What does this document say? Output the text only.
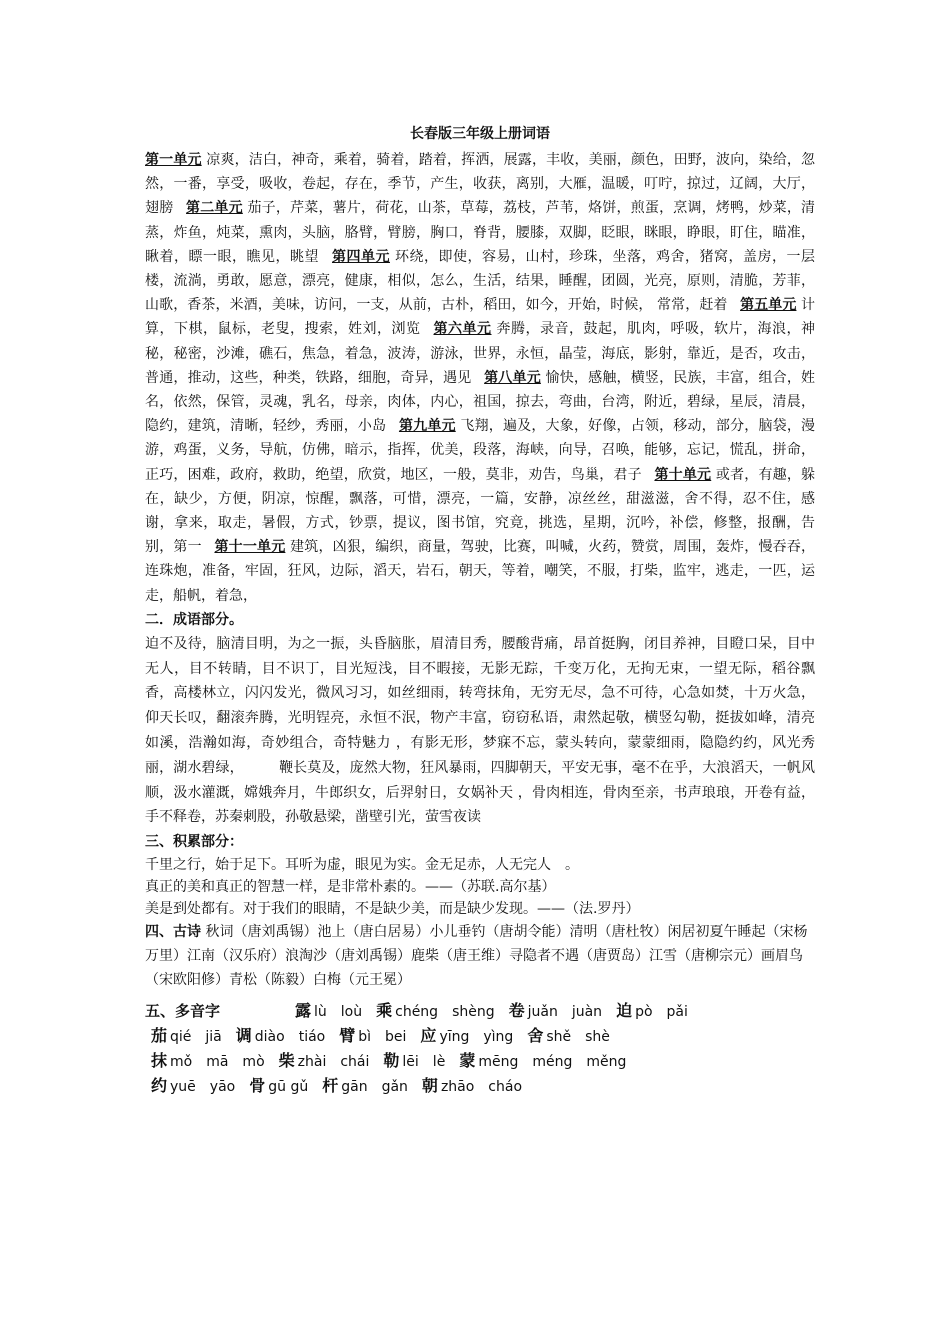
长春版三年级上册词语

第一单元 凉爽，洁白，神奇，乘着，骑着，踏着，挥洒，展露，丰收，美丽，颜色，田野，波向，染给，忽然，一番，享受，吸收，卷起，存在，季节，产生，收获，离别，大雁，温暖，叮咛，掠过，辽阔，大厅，翅膀 第二单元 茄子，芹菜，薯片，荷花，山茶，草莓，荔枝，芦苇，烙饼，煎蛋，烹调，烤鸭，炒菜，清蒸，炸鱼，炖菜，熏肉，头脑，胳臂，臂膀，胸口，脊背，腰膝，双脚，眨眼，眯眼，睁眼，盯住，瞄准，瞅着，瞟一眼，瞧见，眺望 第四单元 环绕，即使，容易，山村，珍珠，坐落，鸡舍，猪窝，盖房，一层楼，流淌，勇敢，愿意，漂亮，健康，相似，怎么，生活，结果，睡醒，团圆，光亮，原则，清脆，芳菲，山歌，香茶，米酒，美味，访问，一支，从前，古朴，稻田，如今，开始，时候， 常常，赶着 第五单元 计算，下棋，鼠标，老叟，搜索，姓刘，浏览 第六单元 奔腾，录音，鼓起，肌肉，呼吸，软片，海浪，神秘，秘密，沙滩，礁石，焦急，着急，波涛，游泳，世界，永恒，晶莹，海底，影射，靠近，是否，攻击，普通，推动，这些，种类，铁路，细胞，奇异，遇见 第八单元 愉快，感触，横竖，民族，丰富，组合，姓名，依然，保管，灵魂，乳名，母亲，肉体，内心，祖国，掠去，弯曲，台湾，附近，碧绿，星辰，清晨，隐约，建筑，清晰，轻纱，秀丽，小岛 第九单元 飞翔，遍及，大象，好像，占领，移动，部分，脑袋，漫游，鸡蛋，义务，导航，仿佛，暗示，指挥，优美，段落，海峡，向导，召唤，能够，忘记，慌乱，拼命，正巧，困难，政府，救助，绝望，欣赏，地区，一般，莫非，劝告，鸟巢，君子 第十单元 或者，有趣，躲在，缺少，方便，阴凉，惊醒，飘落，可惜，漂亮，一篇，安静，凉丝丝，甜滋滋，舍不得，忍不住，感谢，拿来，取走，暑假，方式，钞票，提议，图书馆，究竟，挑选，星期，沉吟，补偿，修整，报酬，告别，第一 第十一单元 建筑，凶狠，编织，商量，驾驶，比赛，叫喊，火药，赞赏，周围，轰炸，慢吞吞，连珠炮，准备，牢固，狂风，边际，滔天，岩石，朝天，等着，嘲笑，不服，打柴，监牢，逃走，一匹，运走，船帆，着急，

二．成语部分。

迫不及待，脑清目明，为之一振，头昏脑胀，眉清目秀，腰酸背痛，昂首挺胸，闭目养神，目瞪口呆，目中无人，目不转睛，目不识丁，目光短浅，目不暇接，无影无踪，千变万化，无拘无束，一望无际，稻谷飘香，高楼林立，闪闪发光，微风习习，如丝细雨，转弯抹角，无穷无尽，急不可待，心急如焚，十万火急，仰天长叹，翻滚奔腾，光明锃亮，永恒不泯，物产丰富，窃窃私语，肃然起敬，横竖勾勒，挺拔如峰，清亮如溪，浩瀚如海，奇妙组合，奇特魅力 ，有影无形，梦寐不忘，蒙头转向，蒙蒙细雨，隐隐约约，风光秀丽，湖水碧绿，　　　鞭长莫及，庞然大物，狂风暴雨，四脚朝天，平安无事，毫不在乎，大浪滔天，一帆风顺，汲水灌溉，嫦娥奔月，牛郎织女，后羿射日，女娲补天 ，骨肉相连，骨肉至亲，书声琅琅，开卷有益，手不释卷，苏秦刺股，孙敬悬梁，凿壁引光，萤雪夜读

三、积累部分：

千里之行，始于足下。耳听为虚，眼见为实。金无足赤，人无完人　。

真正的美和真正的智慧一样，是非常朴素的。——（苏联.高尔基）

美是到处都有。对于我们的眼睛，不是缺少美，而是缺少发现。——（法.罗丹）

四、古诗 秋词（唐刘禹锡）池上（唐白居易）小儿垂钓（唐胡令能）清明（唐杜牧）闲居初夏午睡起（宋杨万里）江南（汉乐府）浪淘沙（唐刘禹锡）鹿柴（唐王维）寻隐者不遇（唐贾岛）江雪（唐柳宗元）画眉鸟（宋欧阳修）青松（陈毅）白梅（元王冕）

五、多音字	露 lù　loù 乘 chéng　shèng 卷 juǎn　juàn 迫 pò　pǎi
茄 qié　jiā 调 diào　tiáo 臂 bì　bei 应 yīng　yìng 舍 shě　shè
抹 mǒ　mā　mò 柴 zhài　chái 勒 lēi　lè 蒙 mēng　méng　měng
约 yuē　yāo 骨 gū gǔ 杆 gān　gǎn 朝 zhāo　cháo
